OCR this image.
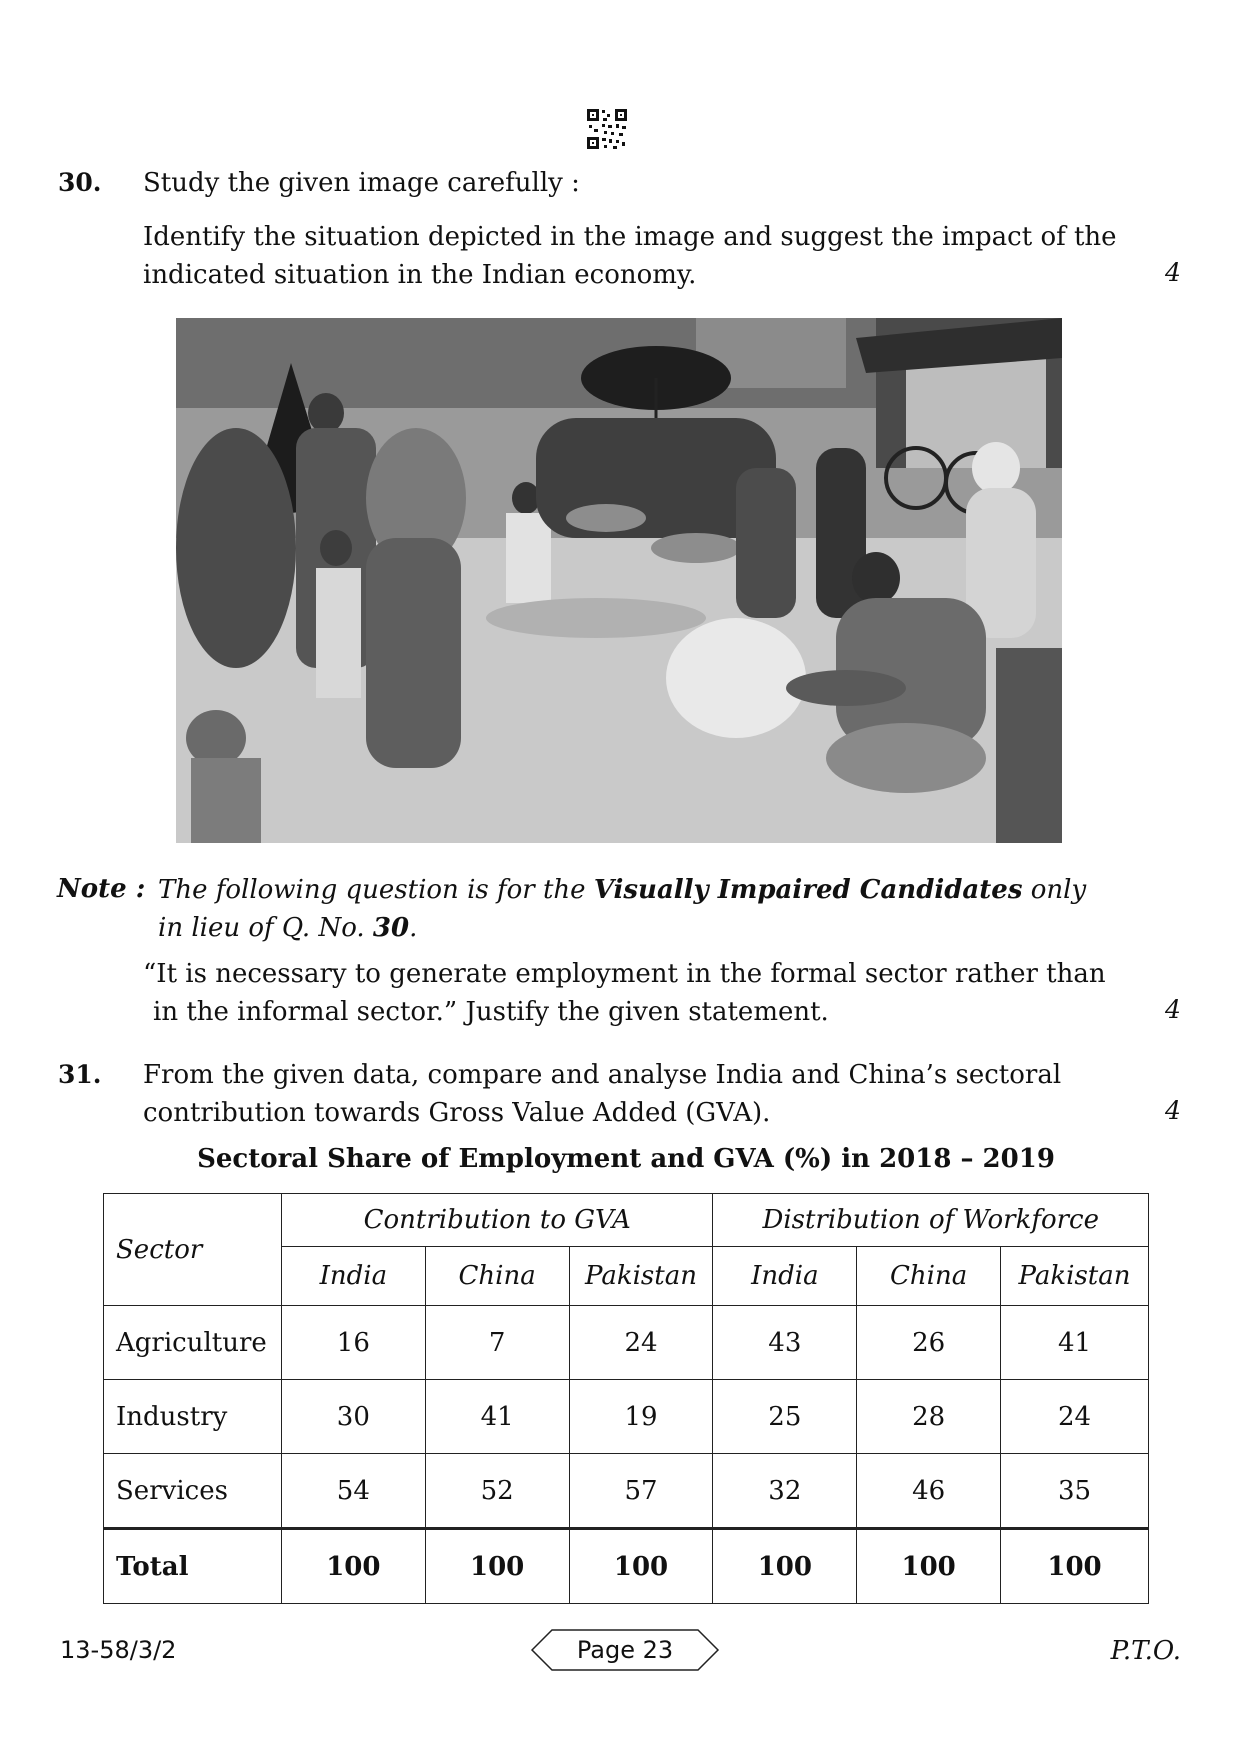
30. Study the given image carefully :
Identify the situation depicted in the image and suggest the impact of the
indicated situation in the Indian economy.	4
Note : The following question is for the Visually Impaired Candidates only
in lieu of Q. No. 30.
“It is necessary to generate employment in the formal sector rather than
in the informal sector.” Justify the given statement.	4
31. From the given data, compare and analyse India and China’s sectoral
contribution towards Gross Value Added (GVA).	4
Sectoral Share of Employment and GVA (%) in 2018 – 2019
Sector	Contribution to GVA			Distribution of Workforce		
	India	China	Pakistan	India	China	Pakistan
Agriculture	16	7	24	43	26	41
Industry	30	41	19	25	28	24
Services	54	52	57	32	46	35
Total	100	100	100	100	100	100
13-58/3/2	Page 23	P.T.O.
